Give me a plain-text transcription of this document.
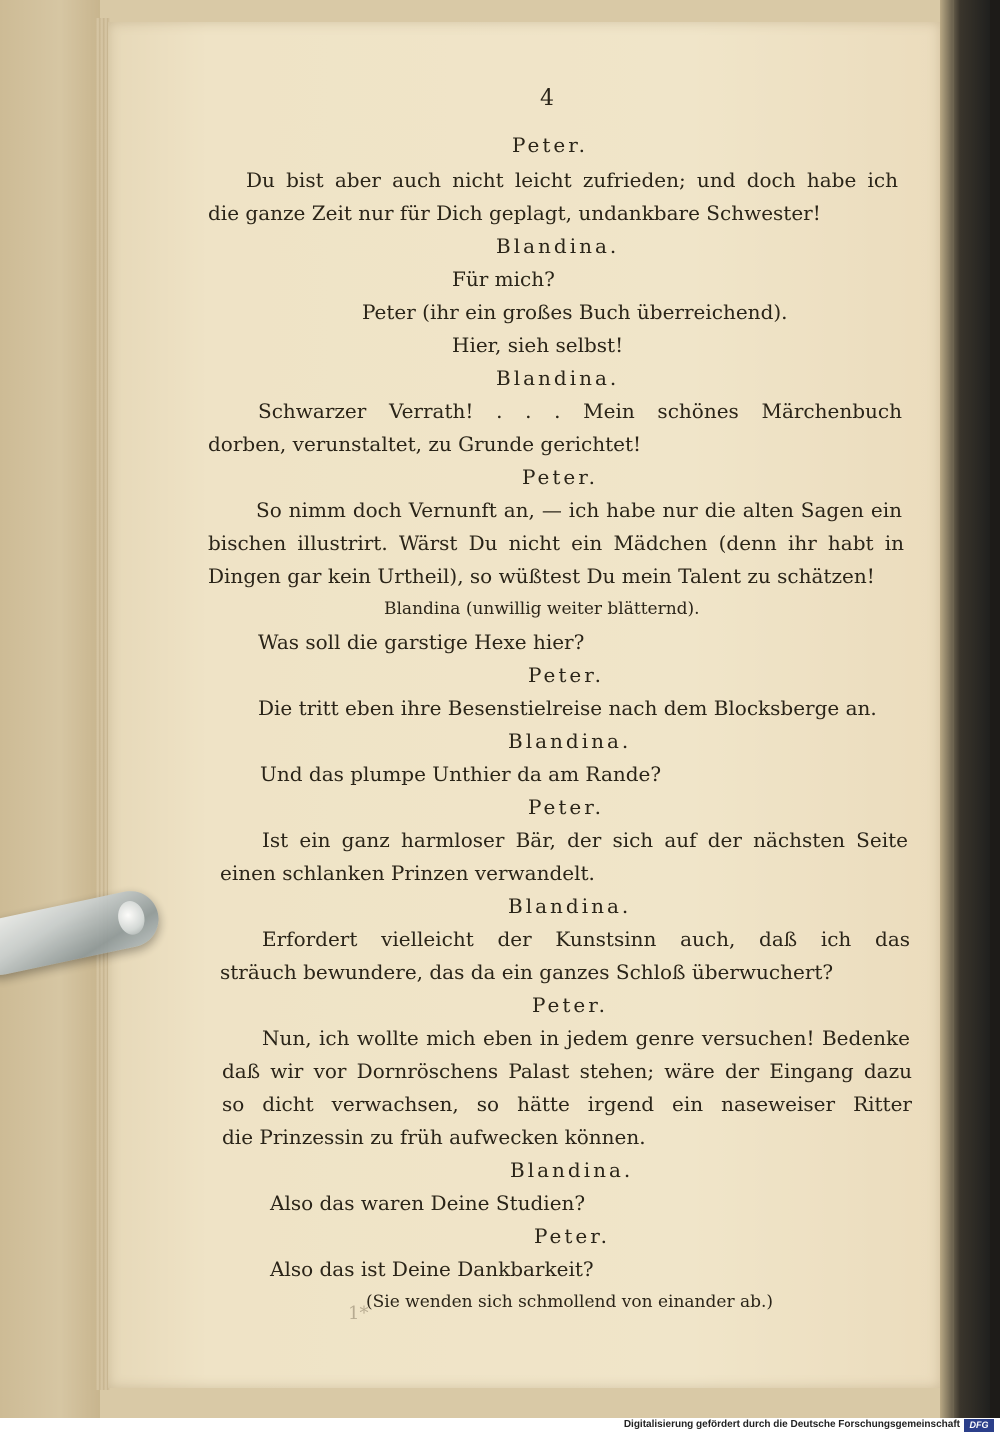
4
Peter.
Du bist aber auch nicht leicht zufrieden; und doch habe ich
die ganze Zeit nur für Dich geplagt, undankbare Schwester!
Blandina.
Für mich?
Peter (ihr ein großes Buch überreichend).
Hier, sieh selbst!
Blandina.
Schwarzer Verrath! . . . Mein schönes Märchenbuch
dorben, verunstaltet, zu Grunde gerichtet!
Peter.
So nimm doch Vernunft an, — ich habe nur die alten Sagen ein
bischen illustrirt. Wärst Du nicht ein Mädchen (denn ihr habt in
Dingen gar kein Urtheil), so wüßtest Du mein Talent zu schätzen!
Blandina (unwillig weiter blätternd).
Was soll die garstige Hexe hier?
Peter.
Die tritt eben ihre Besenstielreise nach dem Blocksberge an.
Blandina.
Und das plumpe Unthier da am Rande?
Peter.
Ist ein ganz harmloser Bär, der sich auf der nächsten Seite
einen schlanken Prinzen verwandelt.
Blandina.
Erfordert vielleicht der Kunstsinn auch, daß ich das
sträuch bewundere, das da ein ganzes Schloß überwuchert?
Peter.
Nun, ich wollte mich eben in jedem genre versuchen! Bedenke
daß wir vor Dornröschens Palast stehen; wäre der Eingang dazu
so dicht verwachsen, so hätte irgend ein naseweiser Ritter
die Prinzessin zu früh aufwecken können.
Blandina.
Also das waren Deine Studien?
Peter.
Also das ist Deine Dankbarkeit?
(Sie wenden sich schmollend von einander ab.)
1*
Digitalisierung gefördert durch die Deutsche Forschungsgemeinschaft	DFG
